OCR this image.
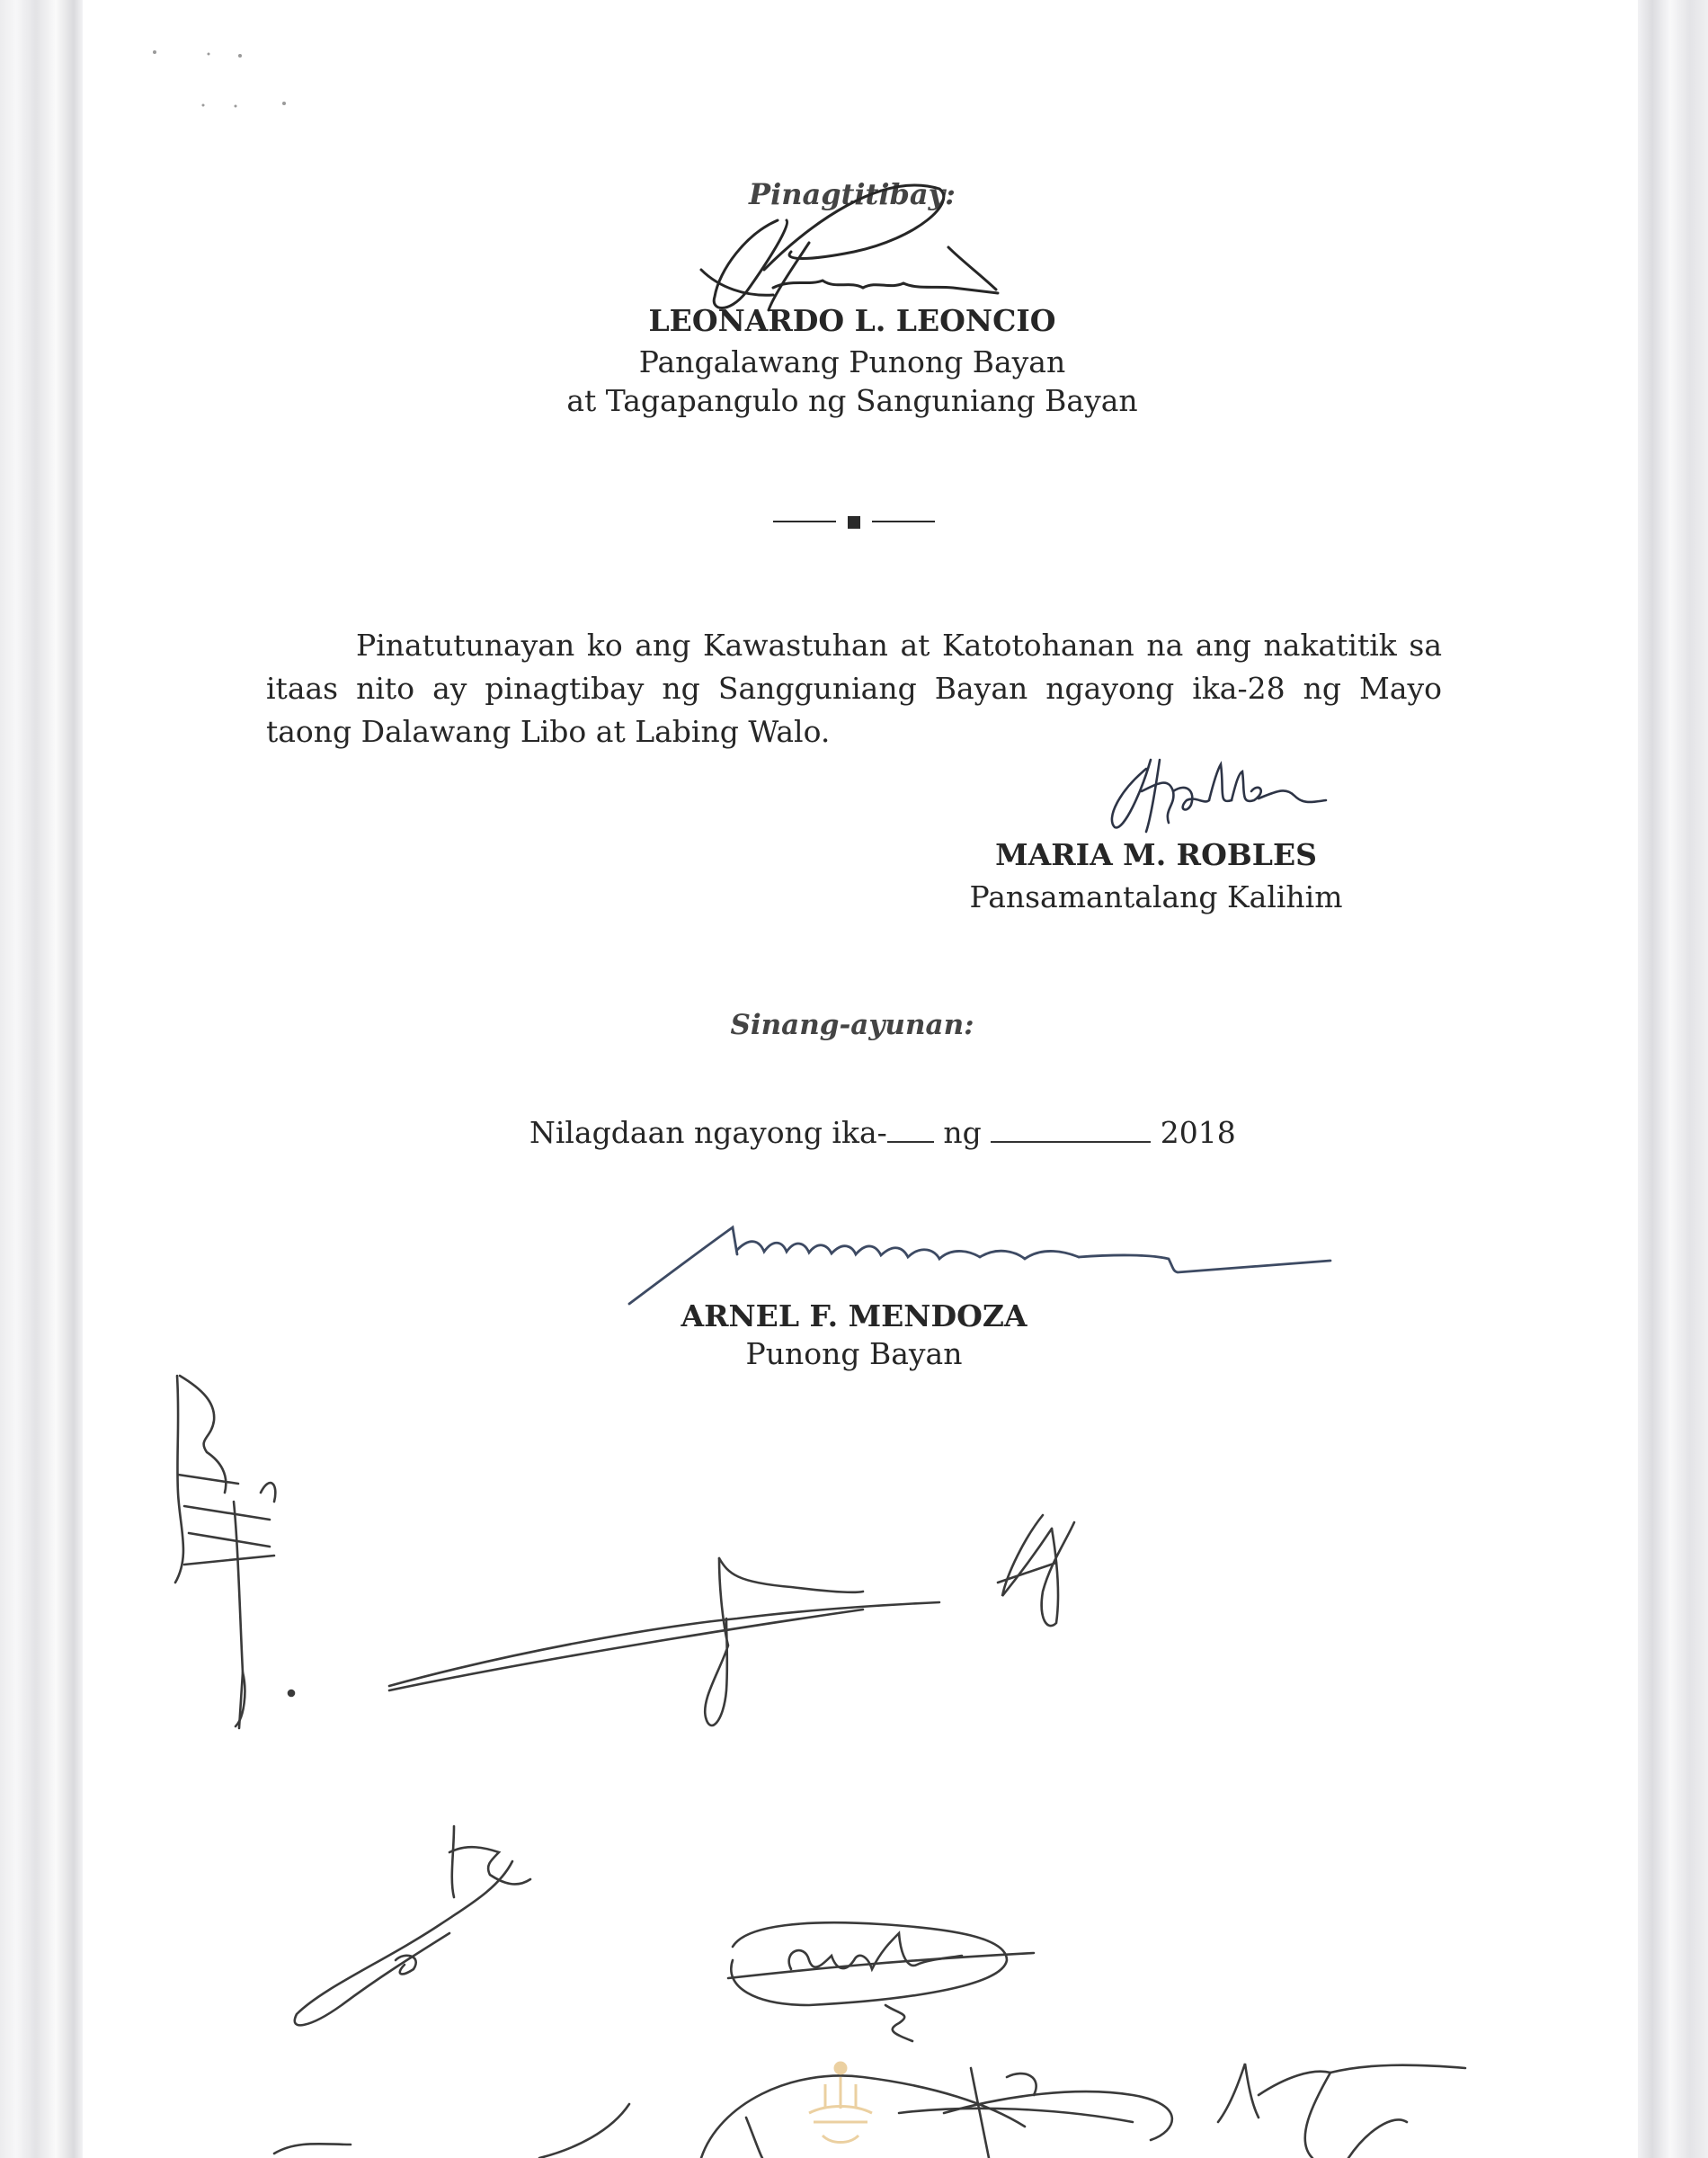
Pinagtitibay:
LEONARDO L. LEONCIO
Pangalawang Punong Bayan
at Tagapangulo ng Sanguniang Bayan
Pinatutunayan ko ang Kawastuhan at Katotohanan na ang nakatitik sa itaas nito ay pinagtibay ng Sangguniang Bayan ngayong ika-28 ng Mayo taong Dalawang Libo at Labing Walo.
MARIA M. ROBLES
Pansamantalang Kalihim
Sinang-ayunan:
Nilagdaan ngayong ika- ng	2018
ARNEL F. MENDOZA
Punong Bayan
